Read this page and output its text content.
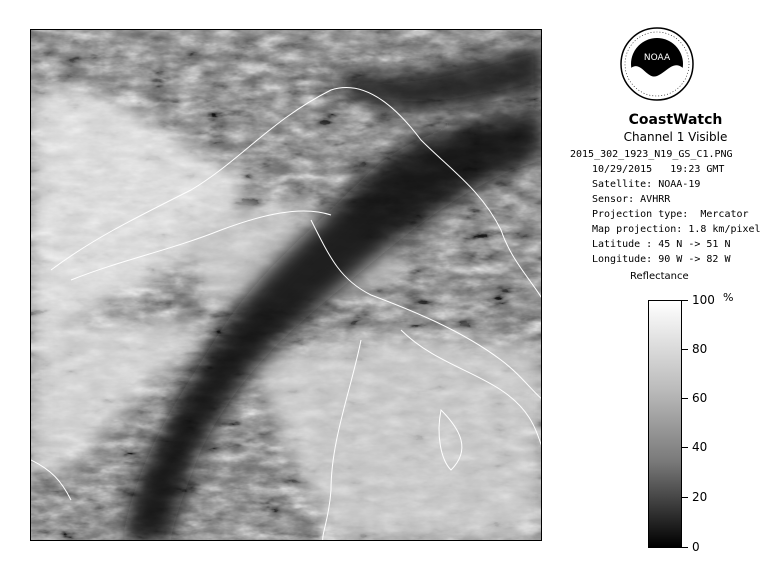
NOAA
CoastWatch
Channel 1 Visible
2015_302_1923_N19_GS_C1.PNG
10/29/2015   19:23 GMT
Satellite: NOAA-19
Sensor: AVHRR
Projection type:  Mercator
Map projection: 1.8 km/pixel
Latitude : 45 N -> 51 N
Longitude: 90 W -> 82 W
Reflectance
%
100
80
60
40
20
0
